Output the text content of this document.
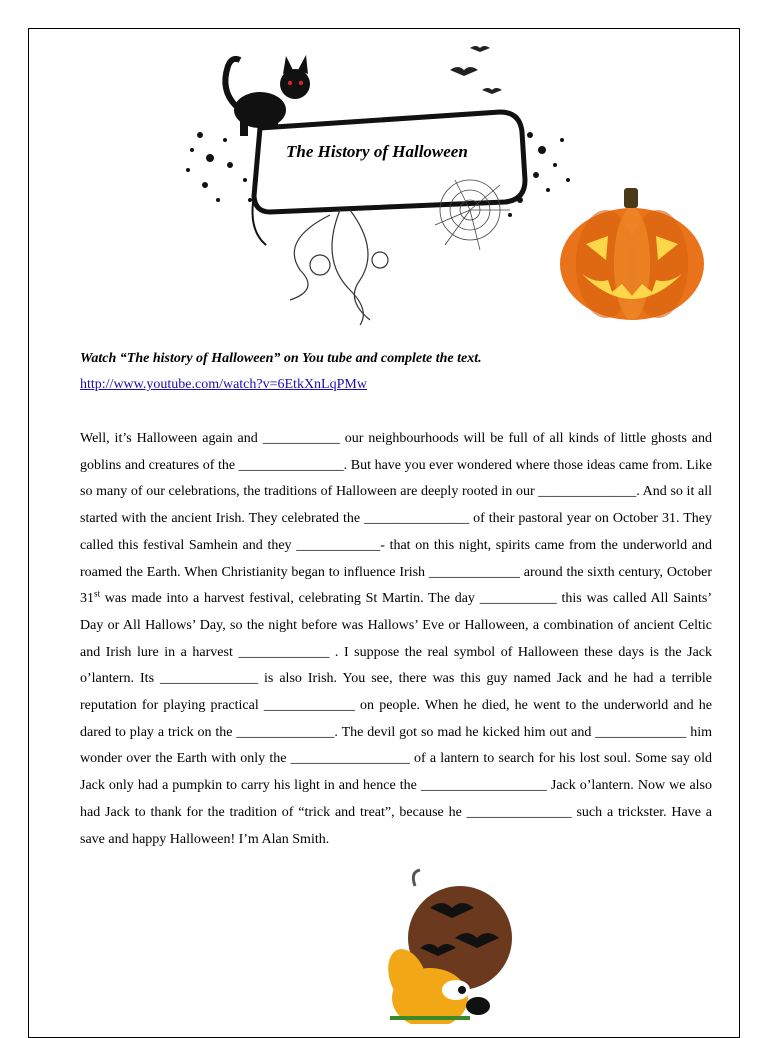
The History of Halloween
Watch “The history of Halloween” on You tube and complete the text.
http://www.youtube.com/watch?v=6EtkXnLqPMw

Well, it’s Halloween again and ___________ our neighbourhoods will be full of all kinds of little ghosts and goblins and creatures of the _______________. But have you ever wondered where those ideas came from. Like so many of our celebrations, the traditions of Halloween are deeply rooted in our ______________. And so it all started with the ancient Irish. They celebrated the _______________ of their pastoral year on October 31. They called this festival Samhein and they ____________- that on this night, spirits came from the underworld and roamed the Earth. When Christianity began to influence Irish _____________ around the sixth century, October 31st was made into a harvest festival, celebrating St Martin. The day ___________ this was called All Saints’ Day or All Hallows’ Day, so the night before was Hallows’ Eve or Halloween, a combination of ancient Celtic and Irish lure in a harvest _____________ . I suppose the real symbol of Halloween these days is the Jack o’lantern. Its ______________ is also Irish. You see, there was this guy named Jack and he had a terrible reputation for playing practical _____________ on people. When he died, he went to the underworld and he dared to play a trick on the ______________. The devil got so mad he kicked him out and _____________ him wonder over the Earth with only the _________________ of a lantern to search for his lost soul. Some say old Jack only had a pumpkin to carry his light in and hence the __________________ Jack o’lantern. Now we also had Jack to thank for the tradition of “trick and treat”, because he _______________ such a trickster. Have a save and happy Halloween! I’m Alan Smith.
